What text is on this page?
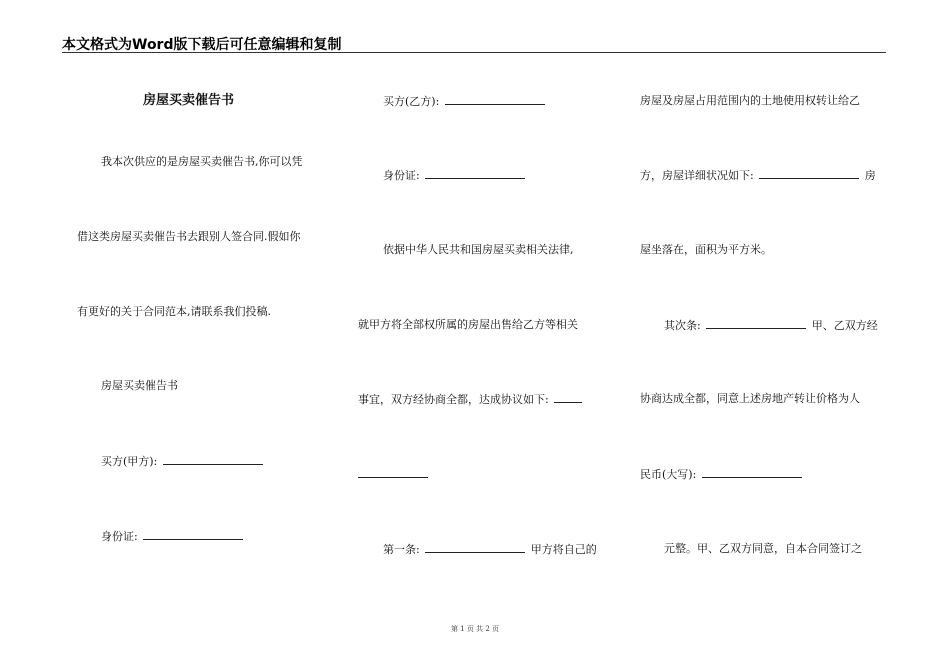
本文格式为Word版下载后可任意编辑和复制
房屋买卖催告书
我本次供应的是房屋买卖催告书,你可以凭
借这类房屋买卖催告书去跟别人签合同.假如你
有更好的关于合同范本,请联系我们投稿.
房屋买卖催告书
买方(甲方):
身份证:
买方(乙方):
身份证:
依据中华人民共和国房屋买卖相关法律,
就甲方将全部权所属的房屋出售给乙方等相关
事宜，双方经协商全都，达成协议如下:
第一条:	甲方将自己的
房屋及房屋占用范围内的土地使用权转让给乙
方，房屋详细状况如下:	房
屋坐落在，面积为平方米。
其次条:	甲、乙双方经
协商达成全都，同意上述房地产转让价格为人
民币(大写):
元整。甲、乙双方同意，自本合同签订之
第 1 页 共 2 页
